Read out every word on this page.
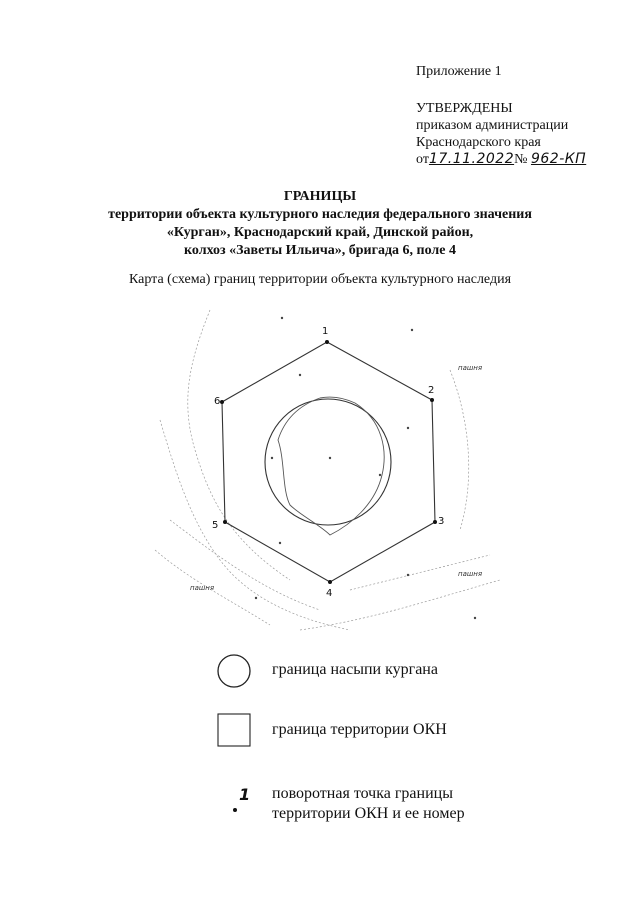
Приложение 1
УТВЕРЖДЕНЫ
приказом администрации
Краснодарского края
от17.11.2022№ 962-КП
ГРАНИЦЫ
территории объекта культурного наследия федерального значения
«Курган», Краснодарский край, Динской район,
колхоз «Заветы Ильича», бригада 6, поле 4
Карта (схема) границ территории объекта культурного наследия
1
2
3
4
5
6
пашня
пашня
пашня
граница насыпи кургана
граница территории ОКН
1 поворотная точка границы
территории ОКН и ее номер
